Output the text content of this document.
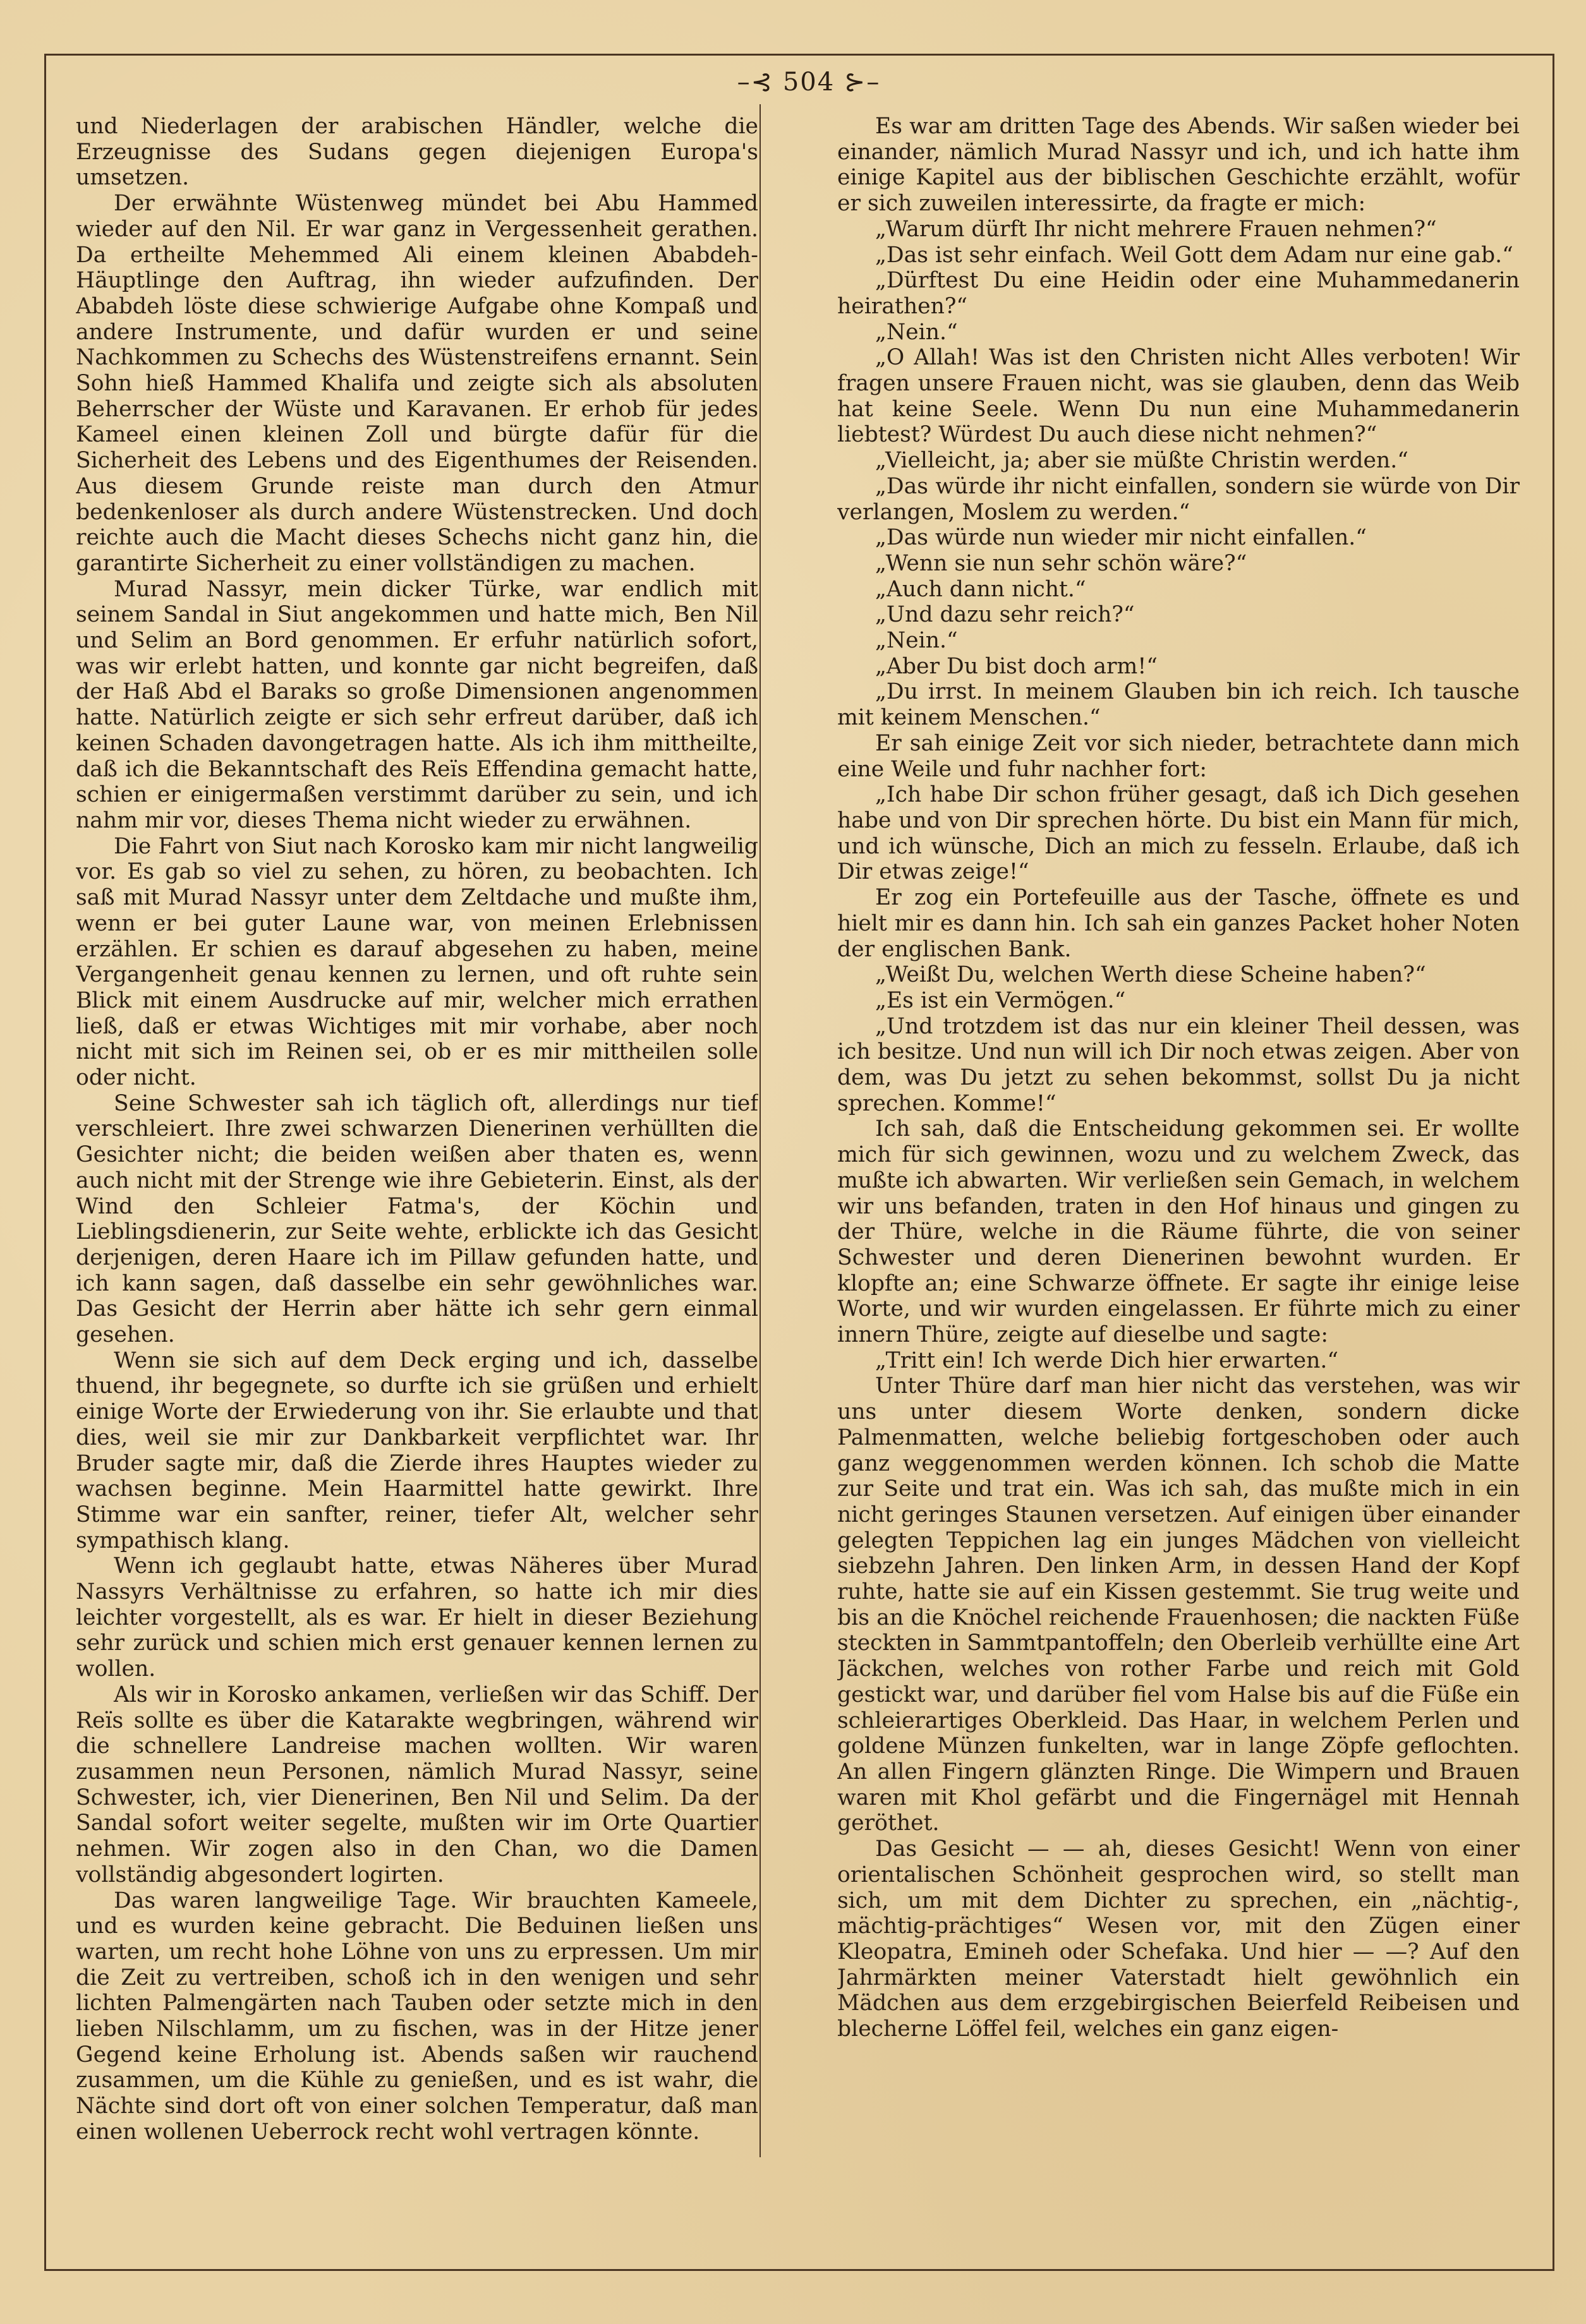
–⊰ 504 ⊱–

und Niederlagen der arabischen Händler, welche die Erzeugnisse des Sudans gegen diejenigen Europa's umsetzen.

Der erwähnte Wüstenweg mündet bei Abu Hammed wieder auf den Nil. Er war ganz in Vergessenheit gerathen. Da ertheilte Mehemmed Ali einem kleinen Ababdeh-Häuptlinge den Auftrag, ihn wieder aufzufinden. Der Ababdeh löste diese schwierige Aufgabe ohne Kompaß und andere Instrumente, und dafür wurden er und seine Nachkommen zu Schechs des Wüstenstreifens ernannt. Sein Sohn hieß Hammed Khalifa und zeigte sich als absoluten Beherrscher der Wüste und Karavanen. Er erhob für jedes Kameel einen kleinen Zoll und bürgte dafür für die Sicherheit des Lebens und des Eigenthumes der Reisenden. Aus diesem Grunde reiste man durch den Atmur bedenkenloser als durch andere Wüstenstrecken. Und doch reichte auch die Macht dieses Schechs nicht ganz hin, die garantirte Sicherheit zu einer vollständigen zu machen.

Murad Nassyr, mein dicker Türke, war endlich mit seinem Sandal in Siut angekommen und hatte mich, Ben Nil und Selim an Bord genommen. Er erfuhr natürlich sofort, was wir erlebt hatten, und konnte gar nicht begreifen, daß der Haß Abd el Baraks so große Dimensionen angenommen hatte. Natürlich zeigte er sich sehr erfreut darüber, daß ich keinen Schaden davongetragen hatte. Als ich ihm mittheilte, daß ich die Bekanntschaft des Reïs Effendina gemacht hatte, schien er einigermaßen verstimmt darüber zu sein, und ich nahm mir vor, dieses Thema nicht wieder zu erwähnen.

Die Fahrt von Siut nach Korosko kam mir nicht langweilig vor. Es gab so viel zu sehen, zu hören, zu beobachten. Ich saß mit Murad Nassyr unter dem Zeltdache und mußte ihm, wenn er bei guter Laune war, von meinen Erlebnissen erzählen. Er schien es darauf abgesehen zu haben, meine Vergangenheit genau kennen zu lernen, und oft ruhte sein Blick mit einem Ausdrucke auf mir, welcher mich errathen ließ, daß er etwas Wichtiges mit mir vorhabe, aber noch nicht mit sich im Reinen sei, ob er es mir mittheilen solle oder nicht.

Seine Schwester sah ich täglich oft, allerdings nur tief verschleiert. Ihre zwei schwarzen Dienerinen verhüllten die Gesichter nicht; die beiden weißen aber thaten es, wenn auch nicht mit der Strenge wie ihre Gebieterin. Einst, als der Wind den Schleier Fatma's, der Köchin und Lieblingsdienerin, zur Seite wehte, erblickte ich das Gesicht derjenigen, deren Haare ich im Pillaw gefunden hatte, und ich kann sagen, daß dasselbe ein sehr gewöhnliches war. Das Gesicht der Herrin aber hätte ich sehr gern einmal gesehen.

Wenn sie sich auf dem Deck erging und ich, dasselbe thuend, ihr begegnete, so durfte ich sie grüßen und erhielt einige Worte der Erwiederung von ihr. Sie erlaubte und that dies, weil sie mir zur Dankbarkeit verpflichtet war. Ihr Bruder sagte mir, daß die Zierde ihres Hauptes wieder zu wachsen beginne. Mein Haarmittel hatte gewirkt. Ihre Stimme war ein sanfter, reiner, tiefer Alt, welcher sehr sympathisch klang.

Wenn ich geglaubt hatte, etwas Näheres über Murad Nassyrs Verhältnisse zu erfahren, so hatte ich mir dies leichter vorgestellt, als es war. Er hielt in dieser Beziehung sehr zurück und schien mich erst genauer kennen lernen zu wollen.

Als wir in Korosko ankamen, verließen wir das Schiff. Der Reïs sollte es über die Katarakte wegbringen, während wir die schnellere Landreise machen wollten. Wir waren zusammen neun Personen, nämlich Murad Nassyr, seine Schwester, ich, vier Dienerinen, Ben Nil und Selim. Da der Sandal sofort weiter segelte, mußten wir im Orte Quartier nehmen. Wir zogen also in den Chan, wo die Damen vollständig abgesondert logirten.

Das waren langweilige Tage. Wir brauchten Kameele, und es wurden keine gebracht. Die Beduinen ließen uns warten, um recht hohe Löhne von uns zu erpressen. Um mir die Zeit zu vertreiben, schoß ich in den wenigen und sehr lichten Palmengärten nach Tauben oder setzte mich in den lieben Nilschlamm, um zu fischen, was in der Hitze jener Gegend keine Erholung ist. Abends saßen wir rauchend zusammen, um die Kühle zu genießen, und es ist wahr, die Nächte sind dort oft von einer solchen Temperatur, daß man einen wollenen Ueberrock recht wohl vertragen könnte.

Es war am dritten Tage des Abends. Wir saßen wieder bei einander, nämlich Murad Nassyr und ich, und ich hatte ihm einige Kapitel aus der biblischen Geschichte erzählt, wofür er sich zuweilen interessirte, da fragte er mich:

„Warum dürft Ihr nicht mehrere Frauen nehmen?“

„Das ist sehr einfach. Weil Gott dem Adam nur eine gab.“

„Dürftest Du eine Heidin oder eine Muhammedanerin heirathen?“

„Nein.“

„O Allah! Was ist den Christen nicht Alles verboten! Wir fragen unsere Frauen nicht, was sie glauben, denn das Weib hat keine Seele. Wenn Du nun eine Muhammedanerin liebtest? Würdest Du auch diese nicht nehmen?“

„Vielleicht, ja; aber sie müßte Christin werden.“

„Das würde ihr nicht einfallen, sondern sie würde von Dir verlangen, Moslem zu werden.“

„Das würde nun wieder mir nicht einfallen.“

„Wenn sie nun sehr schön wäre?“

„Auch dann nicht.“

„Und dazu sehr reich?“

„Nein.“

„Aber Du bist doch arm!“

„Du irrst. In meinem Glauben bin ich reich. Ich tausche mit keinem Menschen.“

Er sah einige Zeit vor sich nieder, betrachtete dann mich eine Weile und fuhr nachher fort:

„Ich habe Dir schon früher gesagt, daß ich Dich gesehen habe und von Dir sprechen hörte. Du bist ein Mann für mich, und ich wünsche, Dich an mich zu fesseln. Erlaube, daß ich Dir etwas zeige!“

Er zog ein Portefeuille aus der Tasche, öffnete es und hielt mir es dann hin. Ich sah ein ganzes Packet hoher Noten der englischen Bank.

„Weißt Du, welchen Werth diese Scheine haben?“

„Es ist ein Vermögen.“

„Und trotzdem ist das nur ein kleiner Theil dessen, was ich besitze. Und nun will ich Dir noch etwas zeigen. Aber von dem, was Du jetzt zu sehen bekommst, sollst Du ja nicht sprechen. Komme!“

Ich sah, daß die Entscheidung gekommen sei. Er wollte mich für sich gewinnen, wozu und zu welchem Zweck, das mußte ich abwarten. Wir verließen sein Gemach, in welchem wir uns befanden, traten in den Hof hinaus und gingen zu der Thüre, welche in die Räume führte, die von seiner Schwester und deren Dienerinen bewohnt wurden. Er klopfte an; eine Schwarze öffnete. Er sagte ihr einige leise Worte, und wir wurden eingelassen. Er führte mich zu einer innern Thüre, zeigte auf dieselbe und sagte:

„Tritt ein! Ich werde Dich hier erwarten.“

Unter Thüre darf man hier nicht das verstehen, was wir uns unter diesem Worte denken, sondern dicke Palmenmatten, welche beliebig fortgeschoben oder auch ganz weggenommen werden können. Ich schob die Matte zur Seite und trat ein. Was ich sah, das mußte mich in ein nicht geringes Staunen versetzen. Auf einigen über einander gelegten Teppichen lag ein junges Mädchen von vielleicht siebzehn Jahren. Den linken Arm, in dessen Hand der Kopf ruhte, hatte sie auf ein Kissen gestemmt. Sie trug weite und bis an die Knöchel reichende Frauenhosen; die nackten Füße steckten in Sammtpantoffeln; den Oberleib verhüllte eine Art Jäckchen, welches von rother Farbe und reich mit Gold gestickt war, und darüber fiel vom Halse bis auf die Füße ein schleierartiges Oberkleid. Das Haar, in welchem Perlen und goldene Münzen funkelten, war in lange Zöpfe geflochten. An allen Fingern glänzten Ringe. Die Wimpern und Brauen waren mit Khol gefärbt und die Fingernägel mit Hennah geröthet.

Das Gesicht — — ah, dieses Gesicht! Wenn von einer orientalischen Schönheit gesprochen wird, so stellt man sich, um mit dem Dichter zu sprechen, ein „nächtig-, mächtig-prächtiges“ Wesen vor, mit den Zügen einer Kleopatra, Emineh oder Schefaka. Und hier — —? Auf den Jahrmärkten meiner Vaterstadt hielt gewöhnlich ein Mädchen aus dem erzgebirgischen Beierfeld Reibeisen und blecherne Löffel feil, welches ein ganz eigen-
